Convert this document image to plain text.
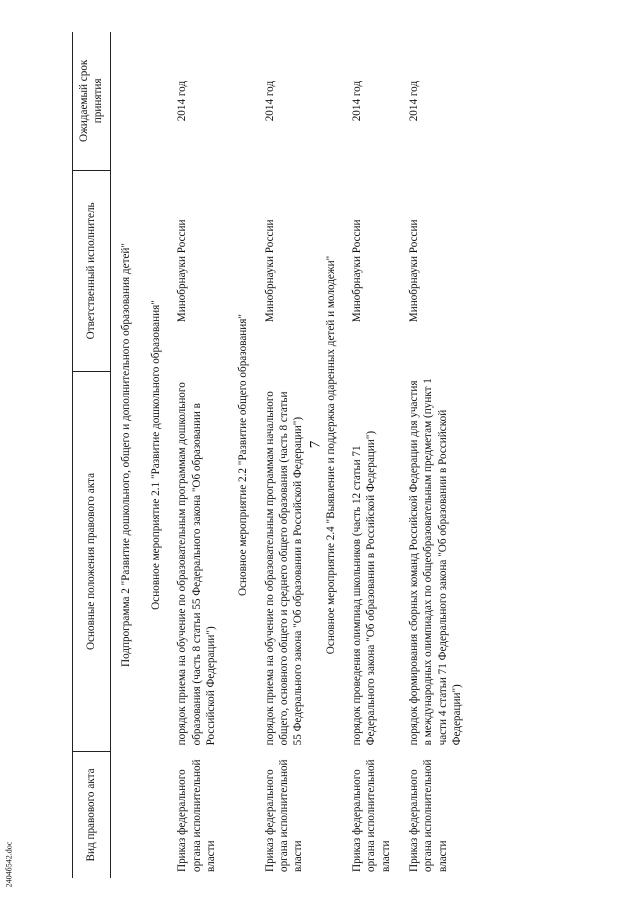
7
2404б542.doc
Вид правового акта	Основные положения правового акта	Ответственный исполнитель	Ожидаемый срок принятия
Подпрограмма 2 "Развитие дошкольного, общего и дополнительного образования детей"			
Основное мероприятие 2.1 "Развитие дошкольного образования"			
Приказ федерального органа исполнительной власти	порядок приема на обучение по образовательным программам дошкольного образования (часть 8 статьи 55 Федерального закона "Об образовании в Российской Федерации")	Минобрнауки России	2014 год
Основное мероприятие 2.2 "Развитие общего образования"			
Приказ федерального органа исполнительной власти	порядок приема на обучение по образовательным программам начального общего, основного общего и среднего общего образования (часть 8 статьи 55 Федерального закона "Об образовании в Российской Федерации")	Минобрнауки России	2014 год
Основное мероприятие 2.4 "Выявление и поддержка одаренных детей и молодежи"			
Приказ федерального органа исполнительной власти	порядок проведения олимпиад школьников (часть 12 статьи 71 Федерального закона "Об образовании в Российской Федерации")	Минобрнауки России	2014 год
Приказ федерального органа исполнительной власти	порядок формирования сборных команд Российской Федерации для участия в международных олимпиадах по общеобразовательным предметам (пункт 1 части 4 статьи 71 Федерального закона "Об образовании в Российской Федерации")	Минобрнауки России	2014 год
